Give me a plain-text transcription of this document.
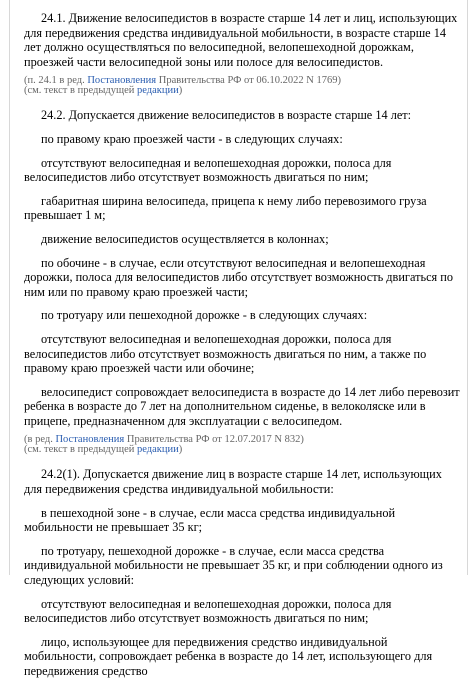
24.1. Движение велосипедистов в возрасте старше 14 лет и лиц, использующих для передвижения средства индивидуальной мобильности, в возрасте старше 14 лет должно осуществляться по велосипедной, велопешеходной дорожкам, проезжей части велосипедной зоны или полосе для велосипедистов.

(п. 24.1 в ред. Постановления Правительства РФ от 06.10.2022 N 1769)
(см. текст в предыдущей редакции)

24.2. Допускается движение велосипедистов в возрасте старше 14 лет:

по правому краю проезжей части - в следующих случаях:

отсутствуют велосипедная и велопешеходная дорожки, полоса для велосипедистов либо отсутствует возможность двигаться по ним;

габаритная ширина велосипеда, прицепа к нему либо перевозимого груза превышает 1 м;

движение велосипедистов осуществляется в колоннах;

по обочине - в случае, если отсутствуют велосипедная и велопешеходная дорожки, полоса для велосипедистов либо отсутствует возможность двигаться по ним или по правому краю проезжей части;

по тротуару или пешеходной дорожке - в следующих случаях:

отсутствуют велосипедная и велопешеходная дорожки, полоса для велосипедистов либо отсутствует возможность двигаться по ним, а также по правому краю проезжей части или обочине;

велосипедист сопровождает велосипедиста в возрасте до 14 лет либо перевозит ребенка в возрасте до 7 лет на дополнительном сиденье, в велоколяске или в прицепе, предназначенном для эксплуатации с велосипедом.

(в ред. Постановления Правительства РФ от 12.07.2017 N 832)
(см. текст в предыдущей редакции)

24.2(1). Допускается движение лиц в возрасте старше 14 лет, использующих для передвижения средства индивидуальной мобильности:

в пешеходной зоне - в случае, если масса средства индивидуальной мобильности не превышает 35 кг;

по тротуару, пешеходной дорожке - в случае, если масса средства индивидуальной мобильности не превышает 35 кг, и при соблюдении одного из следующих условий:

отсутствуют велосипедная и велопешеходная дорожки, полоса для велосипедистов либо отсутствует возможность двигаться по ним;

лицо, использующее для передвижения средство индивидуальной мобильности, сопровождает ребенка в возрасте до 14 лет, использующего для передвижения средство
